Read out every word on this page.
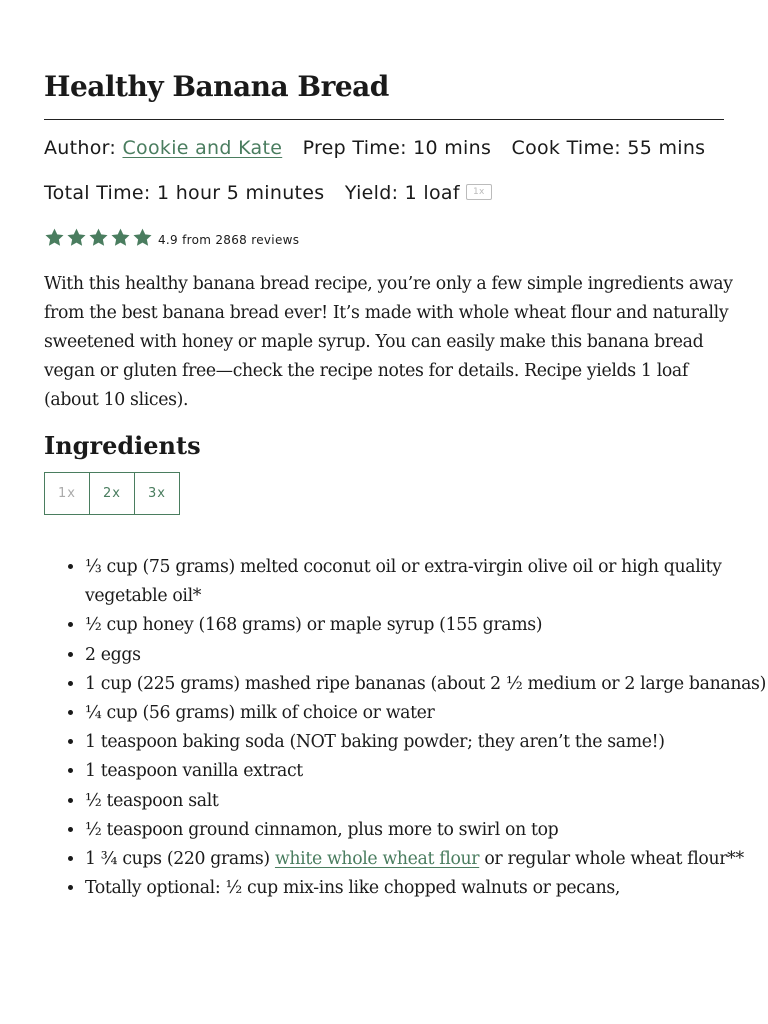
Healthy Banana Bread
Author: Cookie and Kate Prep Time: 10 mins Cook Time: 55 mins
Total Time: 1 hour 5 minutes Yield: 1 loaf 1x
4.9 from 2868 reviews

With this healthy banana bread recipe, you’re only a few simple ingredients away from the best banana bread ever! It’s made with whole wheat flour and naturally sweetened with honey or maple syrup. You can easily make this banana bread vegan or gluten free—check the recipe notes for details. Recipe yields 1 loaf (about 10 slices).

Ingredients
1x	2x	3x
• ⅓ cup (75 grams) melted coconut oil or extra-virgin olive oil or high quality vegetable oil*
• ½ cup honey (168 grams) or maple syrup (155 grams)
• 2 eggs
• 1 cup (225 grams) mashed ripe bananas (about 2 ½ medium or 2 large bananas)
• ¼ cup (56 grams) milk of choice or water
• 1 teaspoon baking soda (NOT baking powder; they aren’t the same!)
• 1 teaspoon vanilla extract
• ½ teaspoon salt
• ½ teaspoon ground cinnamon, plus more to swirl on top
• 1 ¾ cups (220 grams) white whole wheat flour or regular whole wheat flour**
• Totally optional: ½ cup mix-ins like chopped walnuts or pecans,
